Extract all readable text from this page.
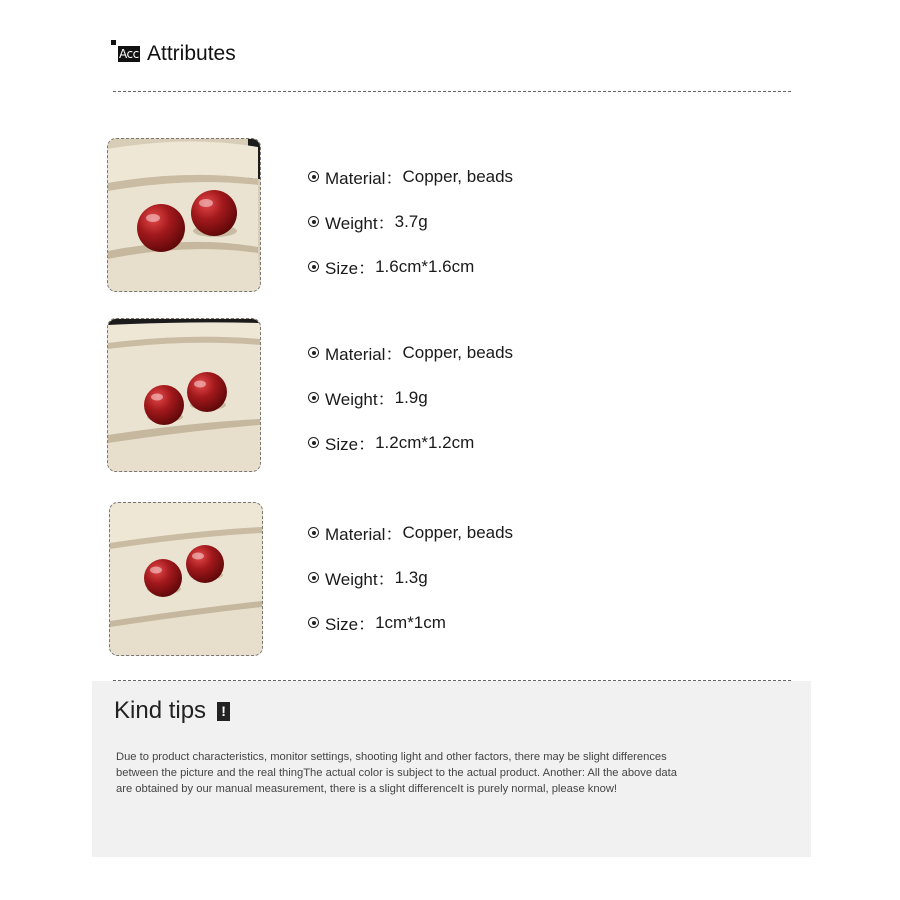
Acc Attributes
Material： Copper, beads
Weight： 3.7g
Size： 1.6cm*1.6cm
Material： Copper, beads
Weight： 1.9g
Size： 1.2cm*1.2cm
Material： Copper, beads
Weight： 1.3g
Size： 1cm*1cm
Kind tips !
Due to product characteristics, monitor settings, shooting light and other factors, there may be slight differences between the picture and the real thingThe actual color is subject to the actual product. Another: All the above data are obtained by our manual measurement, there is a slight differenceIt is purely normal, please know!
